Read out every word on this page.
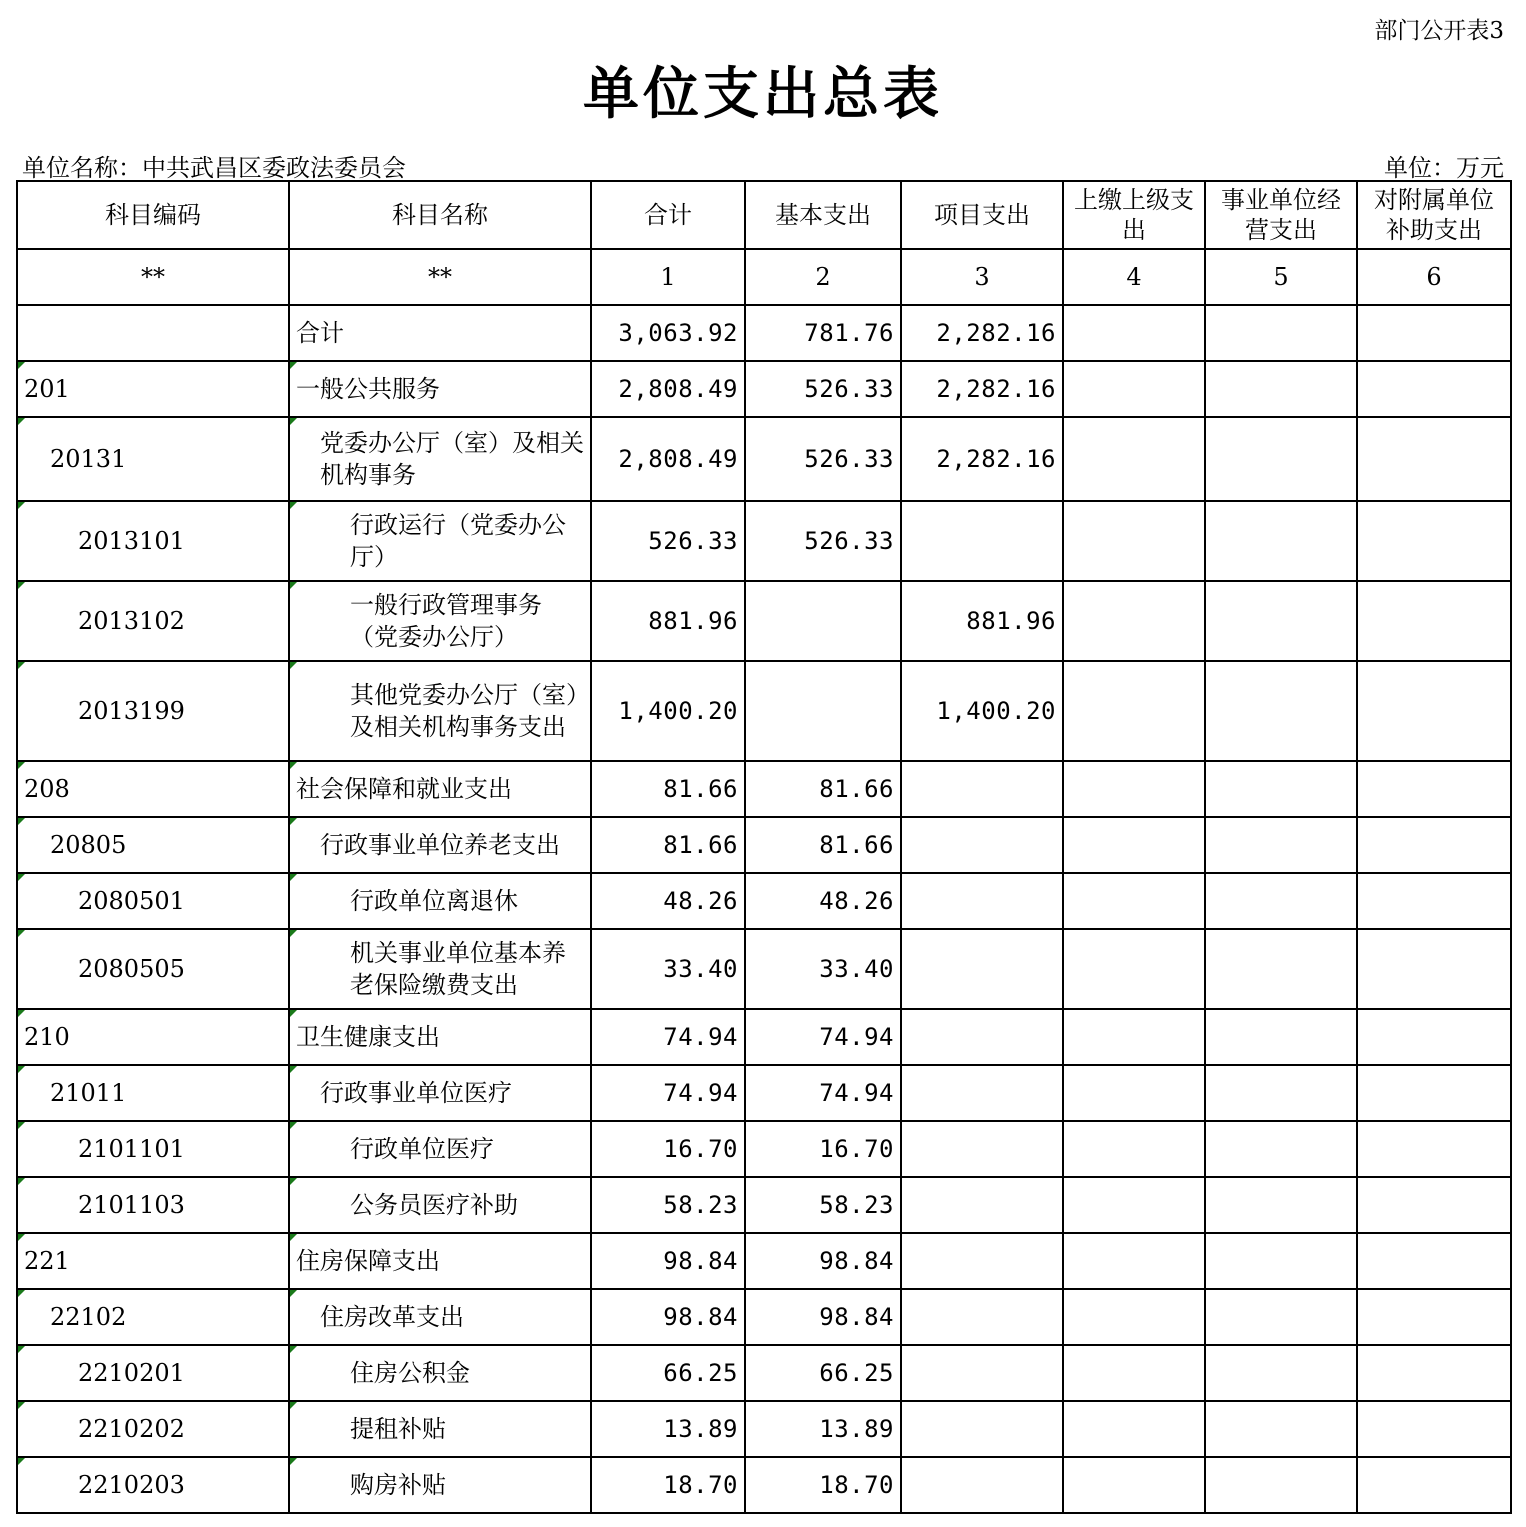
部门公开表3
单位支出总表
单位名称：中共武昌区委政法委员会	单位：万元
科目编码	科目名称	合计	基本支出	项目支出	上缴上级支出	事业单位经营支出	对附属单位补助支出
**	**	1	2	3	4	5	6
	合计	3,063.92	781.76	2,282.16			
201	一般公共服务	2,808.49	526.33	2,282.16			
20131	党委办公厅（室）及相关机构事务	2,808.49	526.33	2,282.16			
2013101	行政运行（党委办公厅）	526.33	526.33				
2013102	一般行政管理事务（党委办公厅）	881.96		881.96			
2013199	其他党委办公厅（室）及相关机构事务支出	1,400.20		1,400.20			
208	社会保障和就业支出	81.66	81.66				
20805	行政事业单位养老支出	81.66	81.66				
2080501	行政单位离退休	48.26	48.26				
2080505	机关事业单位基本养老保险缴费支出	33.40	33.40				
210	卫生健康支出	74.94	74.94				
21011	行政事业单位医疗	74.94	74.94				
2101101	行政单位医疗	16.70	16.70				
2101103	公务员医疗补助	58.23	58.23				
221	住房保障支出	98.84	98.84				
22102	住房改革支出	98.84	98.84				
2210201	住房公积金	66.25	66.25				
2210202	提租补贴	13.89	13.89				
2210203	购房补贴	18.70	18.70				
